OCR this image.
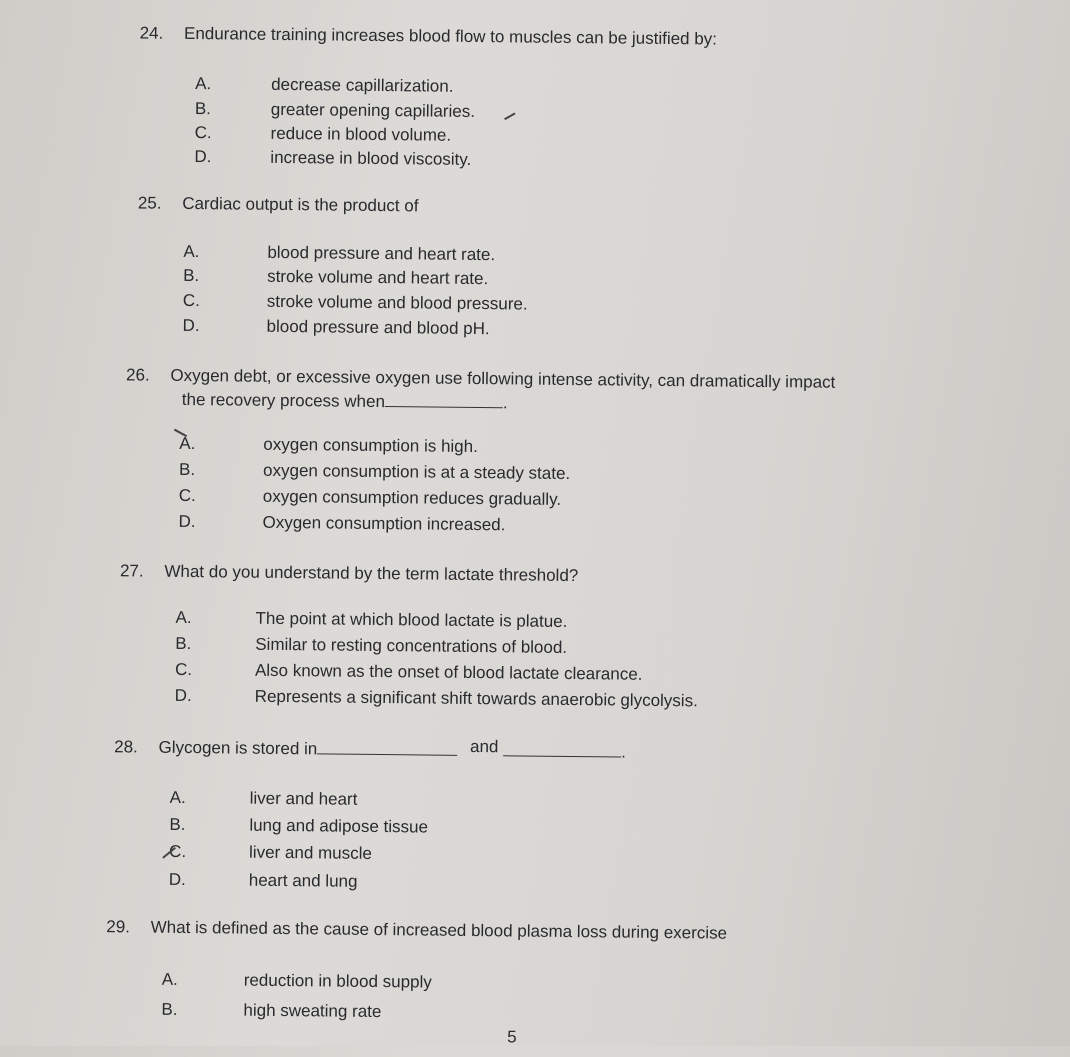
24. Endurance training increases blood flow to muscles can be justified by:
A.	decrease capillarization.
B.	greater opening capillaries.
C.	reduce in blood volume.
D.	increase in blood viscosity.
25. Cardiac output is the product of
A.	blood pressure and heart rate.
B.	stroke volume and heart rate.
C.	stroke volume and blood pressure.
D.	blood pressure and blood pH.
26. Oxygen debt, or excessive oxygen use following intense activity, can dramatically impact
the recovery process when	.
A.	oxygen consumption is high.
B.	oxygen consumption is at a steady state.
C.	oxygen consumption reduces gradually.
D.	Oxygen consumption increased.
27. What do you understand by the term lactate threshold?
A.	The point at which blood lactate is platue.
B.	Similar to resting concentrations of blood.
C.	Also known as the onset of blood lactate clearance.
D.	Represents a significant shift towards anaerobic glycolysis.
28. Glycogen is stored in	and	.
A.	liver and heart
B.	lung and adipose tissue
C.	liver and muscle
D.	heart and lung
29. What is defined as the cause of increased blood plasma loss during exercise
A.	reduction in blood supply
B.	high sweating rate
5
